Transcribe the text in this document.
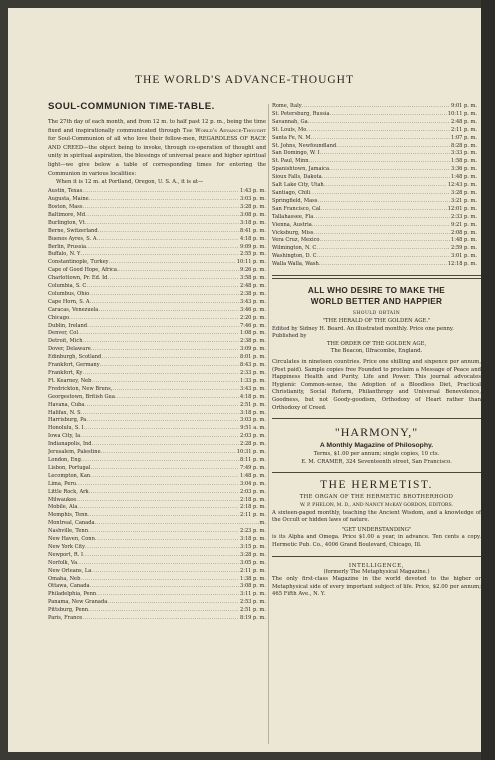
THE WORLD'S ADVANCE-THOUGHT
SOUL-COMMUNION TIME-TABLE.

The 27th day of each month, and from 12 m. to half past 12 p. m., being the time fixed and inspirationally communicated through The World's Advance-Thought for Soul-Communion of all who love their fellow-men, REGARDLESS OF RACE AND CREED—the object being to invoke, through co-operation of thought and unity in spiritual aspiration, the blessings of universal peace and higher spiritual light—we give below a table of corresponding times for entering the Communion in various localities:

When it is 12 m. at Portland, Oregon, U. S. A., it is at—
Austin, Texas .....	1:43 p. m.
Augusta, Maine .....	3:03 p. m.
Boston, Mass .....	3:28 p. m.
Baltimore, Md .....	3:08 p. m.
Burlington, Vt .....	3:18 p. m.
Berne, Switzerland .....	8:41 p. m.
Buenos Ayres, S. A .....	4:18 p. m.
Berlin, Prussia .....	9:09 p. m.
Buffalo, N. Y .....	2:55 p. m.
Constantinople, Turkey .....	10:11 p. m.
Cape of Good Hope, Africa .....	9:26 p. m.
Charlottown, Pr. Ed. Id .....	3:58 p. m.
Columbia, S. C .....	2:48 p. m.
Columbus, Ohio .....	2:38 p. m.
Cape Horn, S. A .....	3:43 p. m.
Caracas, Venezuela .....	3:46 p. m.
Chicago .....	2:20 p. m.
Dublin, Ireland .....	7:46 p. m.
Denver, Col .....	1:08 p. m.
Detroit, Mich .....	2:38 p. m.
Dover, Delaware .....	3:09 p. m.
Edinburgh, Scotland .....	8:01 p. m.
Frankfort, Germany .....	8:43 p. m.
Frankfort, Ky .....	2:33 p. m.
Ft. Kearney, Neb .....	1:33 p. m.
Fredrickton, New Bruns, .....	3:43 p. m.
Georgestown, British Gua .....	4:18 p. m.
Havana, Cuba .....	2:51 p. m.
Halifax, N. S .....	3:18 p. m.
Harrisburg, Pa .....	3:03 p. m.
Honolulu, S. I .....	9:51 a. m.
Iowa City, Ia .....	2:03 p. m.
Indianapolis, Ind .....	2:28 p. m.
Jerusalem, Palestine .....	10:31 p. m.
London, Eng .....	8:11 p. m.
Lisbon, Portugal .....	7:49 p. m.
Lecompton, Kan .....	1:48 p. m.
Lima, Peru .....	3:04 p. m.
Little Rock, Ark .....	2:03 p. m.
Milwaukee .....	2:18 p. m.
Mobile, Ala .....	2:18 p. m.
Memphis, Tenn .....	2:11 p. m.
Montreal, Canada .....	m.
Nashville, Tenn .....	2:23 p. m.
New Haven, Conn .....	3:18 p. m.
New York City .....	3:15 p. m.
Newport, R. I .....	3:28 p. m.
Norfolk, Va .....	3:05 p. m.
New Orleans, La .....	2:11 p. m.
Omaha, Neb .....	1:38 p. m.
Ottawa, Canada .....	3:08 p. m.
Philadelphia, Penn .....	3:11 p. m.
Panama, New Granada .....	2:53 p. m.
Pittsburg, Penn .....	2:51 p. m.
Paris, France .....	8:19 p. m.
Rome, Italy .....	9:01 p. m.
St. Petersburg, Russia .....	10:11 p. m.
Savannah, Ga .....	2:48 p. m.
St. Louis, Mo .....	2:11 p. m.
Santa Fe, N. M .....	1:07 p. m.
St. Johns, Newfoundland .....	8:28 p. m.
San Domingo, W. I .....	3:33 p. m.
St. Paul, Minn .....	1:58 p. m.
Spanishtown, Jamaica .....	3:36 p. m.
Sioux Falls, Dakota .....	1:48 p. m.
Salt Lake City, Utah .....	12:43 p. m.
Santiago, Chili .....	3:28 p. m.
Springfield, Mass .....	3:21 p. m.
San Francisco, Cal .....	12:01 p. m.
Tallahassee, Fla .....	2:33 p. m.
Vienna, Austria .....	9:21 p. m.
Vicksburg, Miss .....	2:08 p. m.
Vera Cruz, Mexico .....	1:48 p. m.
Wilmington, N. C .....	2:59 p. m.
Washington, D. C .....	3:01 p. m.
Walla Walla, Wash .....	12:18 p. m.
ALL WHO DESIRE TO MAKE THE
WORLD BETTER AND HAPPIER
SHOULD OBTAIN
"THE HERALD OF THE GOLDEN AGE."
Edited by Sidney H. Beard. An illustrated monthly. Price one penny. Published by
THE ORDER OF THE GOLDEN AGE,
The Beacon, Ilfracombe, England.
Circulates in nineteen countries. Price one shilling and sixpence per annum, (Post paid). Sample copies free Founded to proclaim a Message of Peace and Happiness Health and Purity, Life and Power. This journal advocates Hygienic Common-sense, the Adoption of a Bloodless Diet, Practical Christianity, Social Reform, Philanthropy and Universal Benevolence, Goodness, but not Goody-goodism, Orthodoxy of Heart rather than Orthodoxy of Creed.
"HARMONY,"
A Monthly Magazine of Philosophy.
Terms, $1.00 per annum; single copies, 10 cts.
E. M. CRAMER, 324 Seventeenth street, San Francisco.
THE HERMETIST.
THE ORGAN OF THE HERMETIC BROTHERHOOD
W. P. PHELON, M. D., AND NANCY McKAY GORDON, EDITORS.
A sixteen-paged monthly, teaching the Ancient Wisdom, and a knowledge of the Occult or hidden laws of nature.
"GET UNDERSTANDING"
is its Alpha and Omega. Price $1.00 a year, in advance. Ten cents a copy. Hermetic Pub. Co., 4006 Grand Boulevard, Chicago, Ill.
INTELLIGENCE,
(formerly The Metaphysical Magazine.)
The only first-class Magazine in the world devoted to the higher or Metaphysical side of every important subject of life. Price, $2.00 per annum; 465 Fifth Ave., N. Y.
